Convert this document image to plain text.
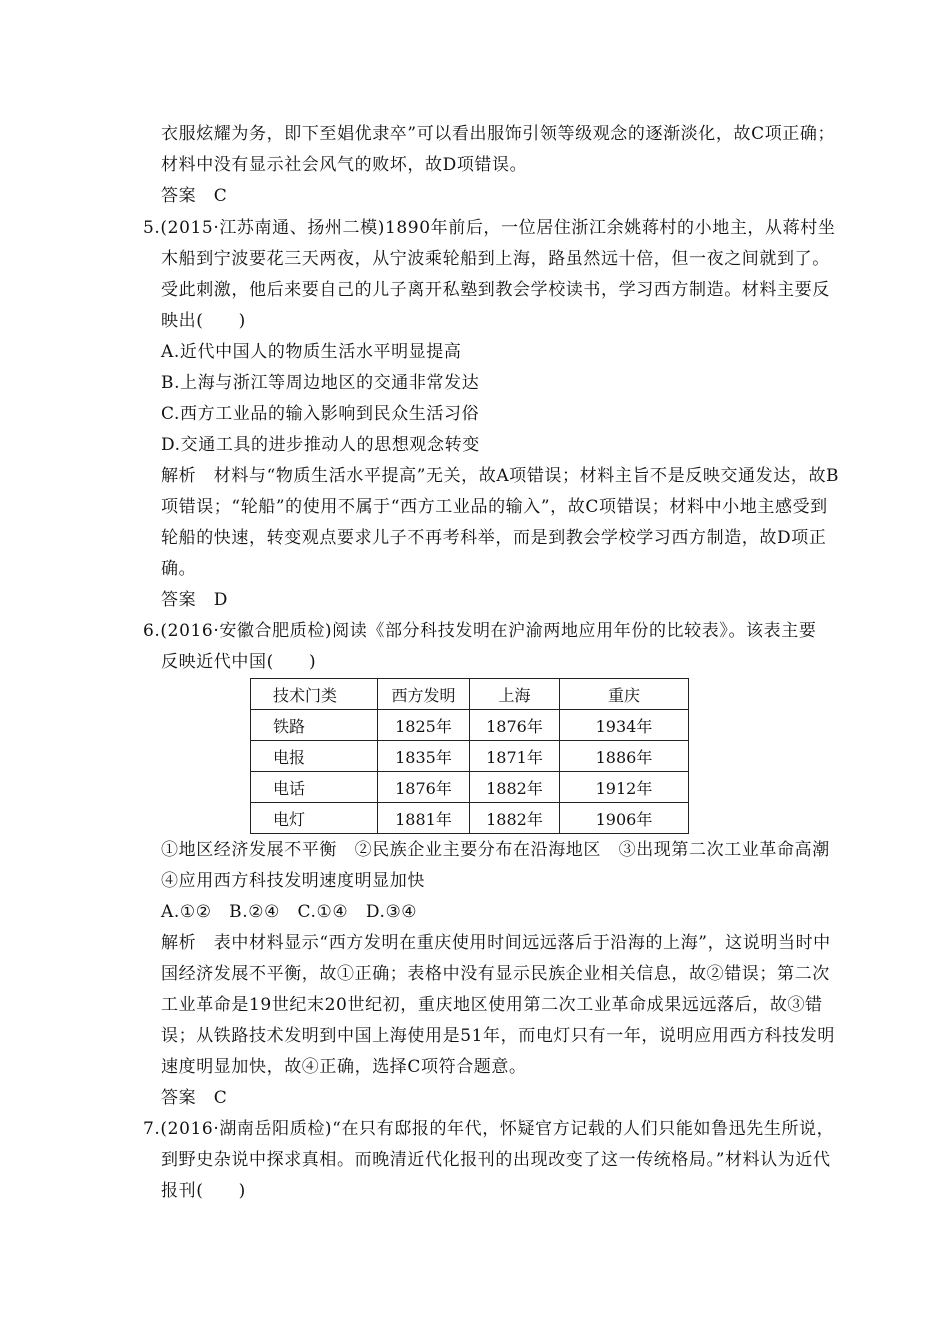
衣服炫耀为务，即下至娼优隶卒”可以看出服饰引领等级观念的逐渐淡化，故C项正确；
材料中没有显示社会风气的败坏，故D项错误。
答案　C
5.(2015·江苏南通、扬州二模)1890年前后，一位居住浙江余姚蒋村的小地主，从蒋村坐
木船到宁波要花三天两夜，从宁波乘轮船到上海，路虽然远十倍，但一夜之间就到了。
受此刺激，他后来要自己的儿子离开私塾到教会学校读书，学习西方制造。材料主要反
映出(　　)
A.近代中国人的物质生活水平明显提高
B.上海与浙江等周边地区的交通非常发达
C.西方工业品的输入影响到民众生活习俗
D.交通工具的进步推动人的思想观念转变
解析　材料与“物质生活水平提高”无关，故A项错误；材料主旨不是反映交通发达，故B
项错误；“轮船”的使用不属于“西方工业品的输入”，故C项错误；材料中小地主感受到
轮船的快速，转变观点要求儿子不再考科举，而是到教会学校学习西方制造，故D项正
确。
答案　D
6.(2016·安徽合肥质检)阅读《部分科技发明在沪渝两地应用年份的比较表》。该表主要
反映近代中国(　　)
技术门类	西方发明	上海	重庆
铁路	1825年	1876年	1934年
电报	1835年	1871年	1886年
电话	1876年	1882年	1912年
电灯	1881年	1882年	1906年
①地区经济发展不平衡　②民族企业主要分布在沿海地区　③出现第二次工业革命高潮
④应用西方科技发明速度明显加快
A.①②　B.②④　C.①④　D.③④
解析　表中材料显示“西方发明在重庆使用时间远远落后于沿海的上海”，这说明当时中
国经济发展不平衡，故①正确；表格中没有显示民族企业相关信息，故②错误；第二次
工业革命是19世纪末20世纪初，重庆地区使用第二次工业革命成果远远落后，故③错
误；从铁路技术发明到中国上海使用是51年，而电灯只有一年，说明应用西方科技发明
速度明显加快，故④正确，选择C项符合题意。
答案　C
7.(2016·湖南岳阳质检)“在只有邸报的年代，怀疑官方记载的人们只能如鲁迅先生所说，
到野史杂说中探求真相。而晚清近代化报刊的出现改变了这一传统格局。”材料认为近代
报刊(　　)
